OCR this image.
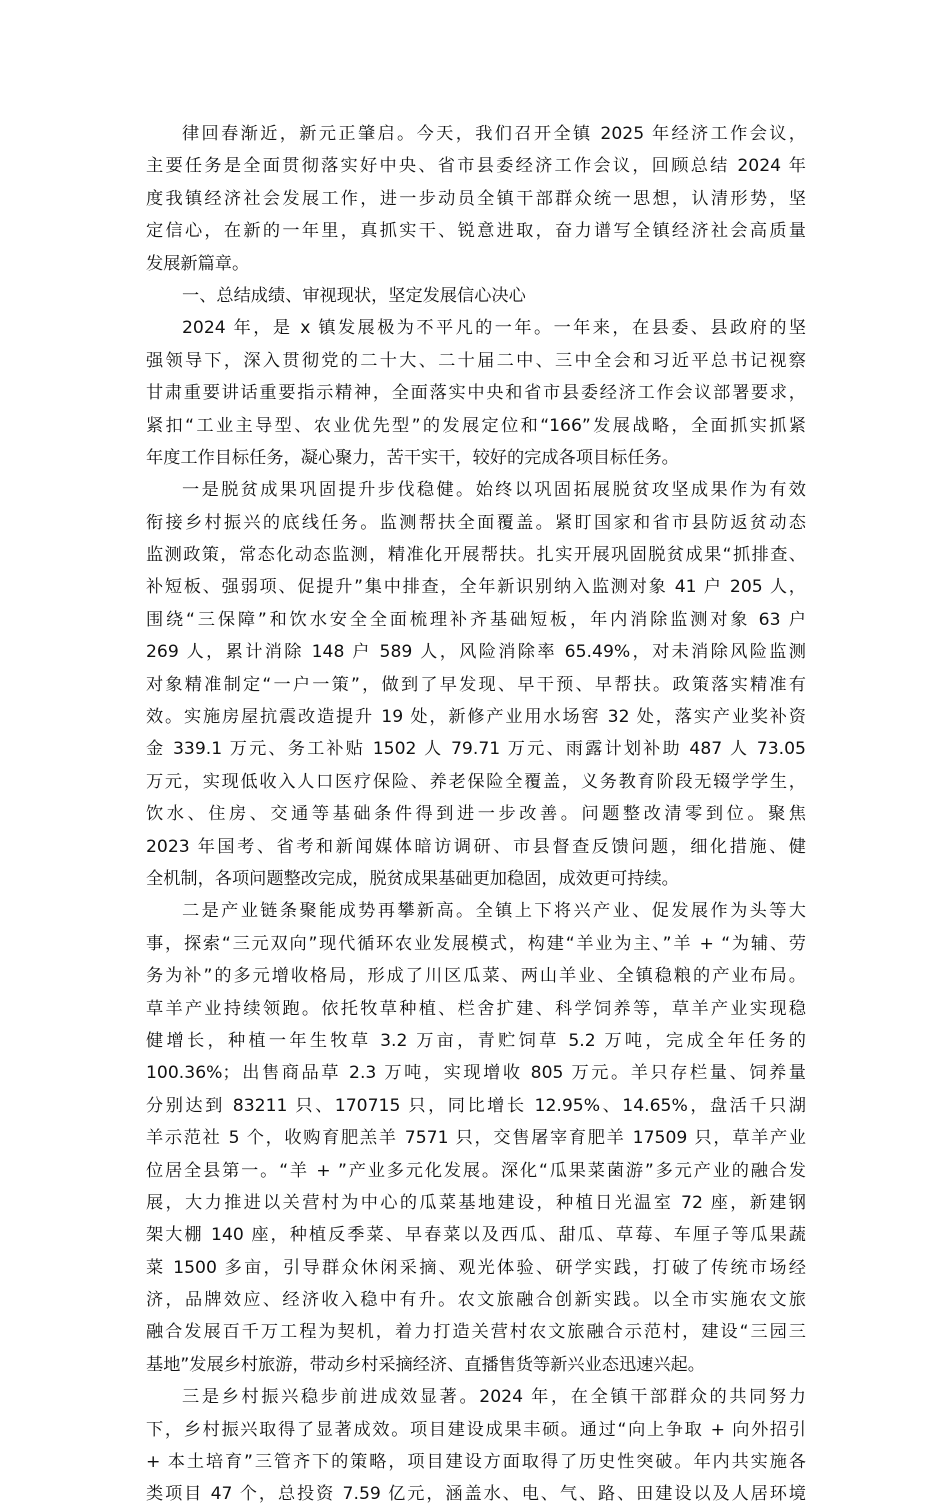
律回春渐近，新元正肇启。今天，我们召开全镇 2025 年经济工作会议，
主要任务是全面贯彻落实好中央、省市县委经济工作会议，回顾总结 2024 年
度我镇经济社会发展工作，进一步动员全镇干部群众统一思想，认清形势，坚
定信心，在新的一年里，真抓实干、锐意进取，奋力谱写全镇经济社会高质量
发展新篇章。
一、总结成绩、审视现状，坚定发展信心决心
2024 年，是 x 镇发展极为不平凡的一年。一年来，在县委、县政府的坚
强领导下，深入贯彻党的二十大、二十届二中、三中全会和习近平总书记视察
甘肃重要讲话重要指示精神，全面落实中央和省市县委经济工作会议部署要求，
紧扣“工业主导型、农业优先型”的发展定位和“166”发展战略，全面抓实抓紧
年度工作目标任务，凝心聚力，苦干实干，较好的完成各项目标任务。
一是脱贫成果巩固提升步伐稳健。始终以巩固拓展脱贫攻坚成果作为有效
衔接乡村振兴的底线任务。监测帮扶全面覆盖。紧盯国家和省市县防返贫动态
监测政策，常态化动态监测，精准化开展帮扶。扎实开展巩固脱贫成果“抓排查、
补短板、强弱项、促提升”集中排查，全年新识别纳入监测对象 41 户 205 人，
围绕“三保障”和饮水安全全面梳理补齐基础短板，年内消除监测对象 63 户
269 人，累计消除 148 户 589 人，风险消除率 65.49%，对未消除风险监测
对象精准制定“一户一策”，做到了早发现、早干预、早帮扶。政策落实精准有
效。实施房屋抗震改造提升 19 处，新修产业用水场窖 32 处，落实产业奖补资
金 339.1 万元、务工补贴 1502 人 79.71 万元、雨露计划补助 487 人 73.05
万元，实现低收入人口医疗保险、养老保险全覆盖，义务教育阶段无辍学学生，
饮水、住房、交通等基础条件得到进一步改善。问题整改清零到位。聚焦
2023 年国考、省考和新闻媒体暗访调研、市县督查反馈问题，细化措施、健
全机制，各项问题整改完成，脱贫成果基础更加稳固，成效更可持续。
二是产业链条聚能成势再攀新高。全镇上下将兴产业、促发展作为头等大
事，探索“三元双向”现代循环农业发展模式，构建“羊业为主、”羊 + “为辅、劳
务为补”的多元增收格局，形成了川区瓜菜、两山羊业、全镇稳粮的产业布局。
草羊产业持续领跑。依托牧草种植、栏舍扩建、科学饲养等，草羊产业实现稳
健增长，种植一年生牧草 3.2 万亩，青贮饲草 5.2 万吨，完成全年任务的
100.36%；出售商品草 2.3 万吨，实现增收 805 万元。羊只存栏量、饲养量
分别达到 83211 只、170715 只，同比增长 12.95%、14.65%，盘活千只湖
羊示范社 5 个，收购育肥羔羊 7571 只，交售屠宰育肥羊 17509 只，草羊产业
位居全县第一。“羊 + ”产业多元化发展。深化“瓜果菜菌游”多元产业的融合发
展，大力推进以关营村为中心的瓜菜基地建设，种植日光温室 72 座，新建钢
架大棚 140 座，种植反季菜、早春菜以及西瓜、甜瓜、草莓、车厘子等瓜果蔬
菜 1500 多亩，引导群众休闲采摘、观光体验、研学实践，打破了传统市场经
济，品牌效应、经济收入稳中有升。农文旅融合创新实践。以全市实施农文旅
融合发展百千万工程为契机，着力打造关营村农文旅融合示范村，建设“三园三
基地”发展乡村旅游，带动乡村采摘经济、直播售货等新兴业态迅速兴起。
三是乡村振兴稳步前进成效显著。2024 年，在全镇干部群众的共同努力
下，乡村振兴取得了显著成效。项目建设成果丰硕。通过“向上争取 + 向外招引
+ 本土培育”三管齐下的策略，项目建设方面取得了历史性突破。年内共实施各
类项目 47 个，总投资 7.59 亿元，涵盖水、电、气、路、田建设以及人居环境
